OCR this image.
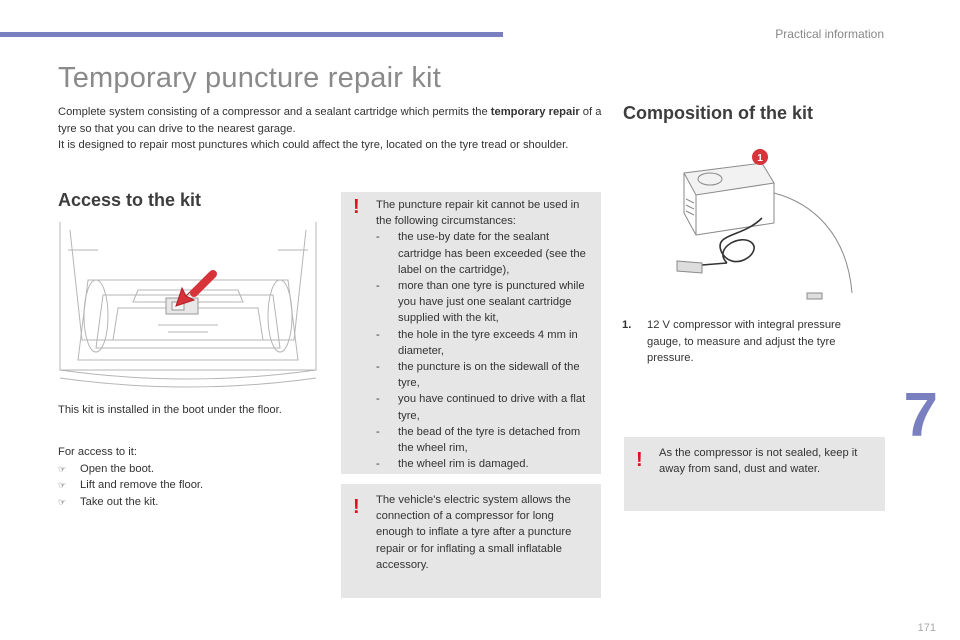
Practical information
Temporary puncture repair kit

Complete system consisting of a compressor and a sealant cartridge which permits the temporary repair of a tyre so that you can drive to the nearest garage.

It is designed to repair most punctures which could affect the tyre, located on the tyre tread or shoulder.

Access to the kit
This kit is installed in the boot under the floor.
For access to it:
☞ Open the boot.
☞ Lift and remove the floor.
☞ Take out the kit.
! The puncture repair kit cannot be used in the following circumstances:
- the use-by date for the sealant cartridge has been exceeded (see the label on the cartridge),
- more than one tyre is punctured while you have just one sealant cartridge supplied with the kit,
- the hole in the tyre exceeds 4 mm in diameter,
- the puncture is on the sidewall of the tyre,
- you have continued to drive with a flat tyre,
- the bead of the tyre is detached from the wheel rim,
- the wheel rim is damaged.
! The vehicle's electric system allows the connection of a compressor for long enough to inflate a tyre after a puncture repair or for inflating a small inflatable accessory.
Composition of the kit
1
1.	12 V compressor with integral pressure gauge, to measure and adjust the tyre pressure.
! As the compressor is not sealed, keep it away from sand, dust and water.
7
171
